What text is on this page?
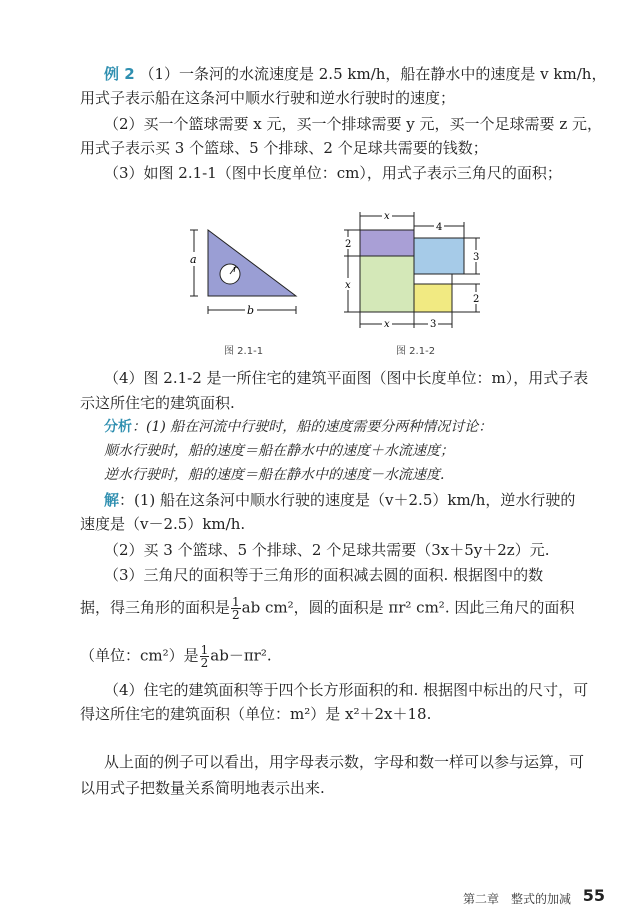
例 2 （1）一条河的水流速度是 2.5 km/h，船在静水中的速度是 v km/h，
用式子表示船在这条河中顺水行驶和逆水行驶时的速度；
（2）买一个篮球需要 x 元，买一个排球需要 y 元，买一个足球需要 z 元，
用式子表示买 3 个篮球、5 个排球、2 个足球共需要的钱数；
（3）如图 2.1-1（图中长度单位：cm），用式子表示三角尺的面积；
a
r
b
图 2.1-1
x
4
2
x
3
2
x	3
图 2.1-2
（4）图 2.1-2 是一所住宅的建筑平面图（图中长度单位：m），用式子表
示这所住宅的建筑面积.
分析：(1) 船在河流中行驶时，船的速度需要分两种情况讨论：
顺水行驶时，船的速度＝船在静水中的速度＋水流速度；
逆水行驶时，船的速度＝船在静水中的速度－水流速度.
解：(1) 船在这条河中顺水行驶的速度是（v＋2.5）km/h，逆水行驶的
速度是（v－2.5）km/h.
（2）买 3 个篮球、5 个排球、2 个足球共需要（3x＋5y＋2z）元.
（3）三角尺的面积等于三角形的面积减去圆的面积. 根据图中的数
据，得三角形的面积是 $\frac{1}{2}$ ab cm²，圆的面积是 πr² cm². 因此三角尺的面积
（单位：cm²）是 $\frac{1}{2} ab-\pi r^2$.
（4）住宅的建筑面积等于四个长方形面积的和. 根据图中标出的尺寸，可
得这所住宅的建筑面积（单位：m²）是 x²＋2x＋18.
从上面的例子可以看出，用字母表示数，字母和数一样可以参与运算，可
以用式子把数量关系简明地表示出来.
第二章　整式的加减 55
